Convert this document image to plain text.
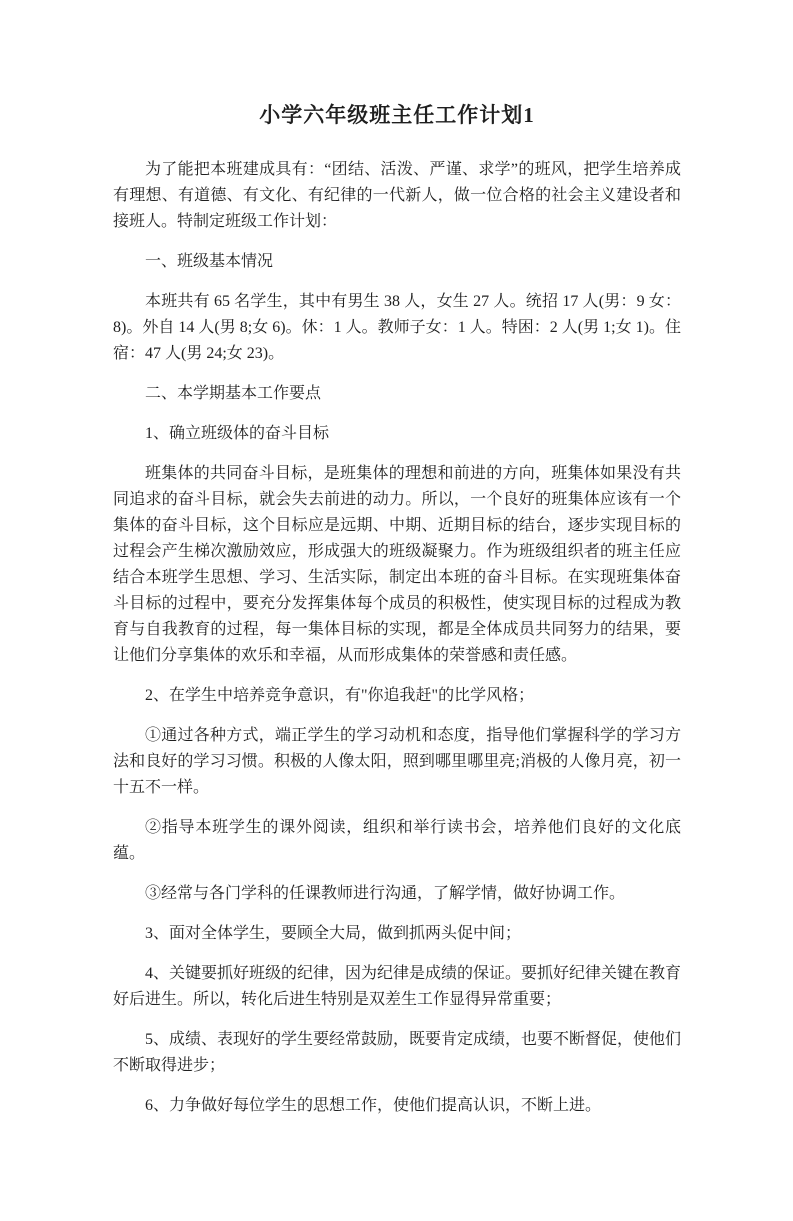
小学六年级班主任工作计划1

为了能把本班建成具有：“团结、活泼、严谨、求学”的班风，把学生培养成有理想、有道德、有文化、有纪律的一代新人，做一位合格的社会主义建设者和接班人。特制定班级工作计划：

一、班级基本情况

本班共有 65 名学生，其中有男生 38 人，女生 27 人。统招 17 人(男：9 女：8)。外自 14 人(男 8;女 6)。休：1 人。教师子女：1 人。特困：2 人(男 1;女 1)。住宿：47 人(男 24;女 23)。

二、本学期基本工作要点

1、确立班级体的奋斗目标

班集体的共同奋斗目标，是班集体的理想和前进的方向，班集体如果没有共同追求的奋斗目标，就会失去前进的动力。所以，一个良好的班集体应该有一个集体的奋斗目标，这个目标应是远期、中期、近期目标的结台，逐步实现目标的过程会产生梯次激励效应，形成强大的班级凝聚力。作为班级组织者的班主任应结合本班学生思想、学习、生活实际，制定出本班的奋斗目标。在实现班集体奋斗目标的过程中，要充分发挥集体每个成员的积极性，使实现目标的过程成为教育与自我教育的过程，每一集体目标的实现，都是全体成员共同努力的结果，要让他们分享集体的欢乐和幸福，从而形成集体的荣誉感和责任感。

2、在学生中培养竞争意识，有"你追我赶"的比学风格；

①通过各种方式，端正学生的学习动机和态度，指导他们掌握科学的学习方法和良好的学习习惯。积极的人像太阳，照到哪里哪里亮;消极的人像月亮，初一十五不一样。

②指导本班学生的课外阅读，组织和举行读书会，培养他们良好的文化底蕴。

③经常与各门学科的任课教师进行沟通，了解学情，做好协调工作。

3、面对全体学生，要顾全大局，做到抓两头促中间；

4、关键要抓好班级的纪律，因为纪律是成绩的保证。要抓好纪律关键在教育好后进生。所以，转化后进生特别是双差生工作显得异常重要；

5、成绩、表现好的学生要经常鼓励，既要肯定成绩，也要不断督促，使他们不断取得进步；

6、力争做好每位学生的思想工作，使他们提高认识，不断上进。
